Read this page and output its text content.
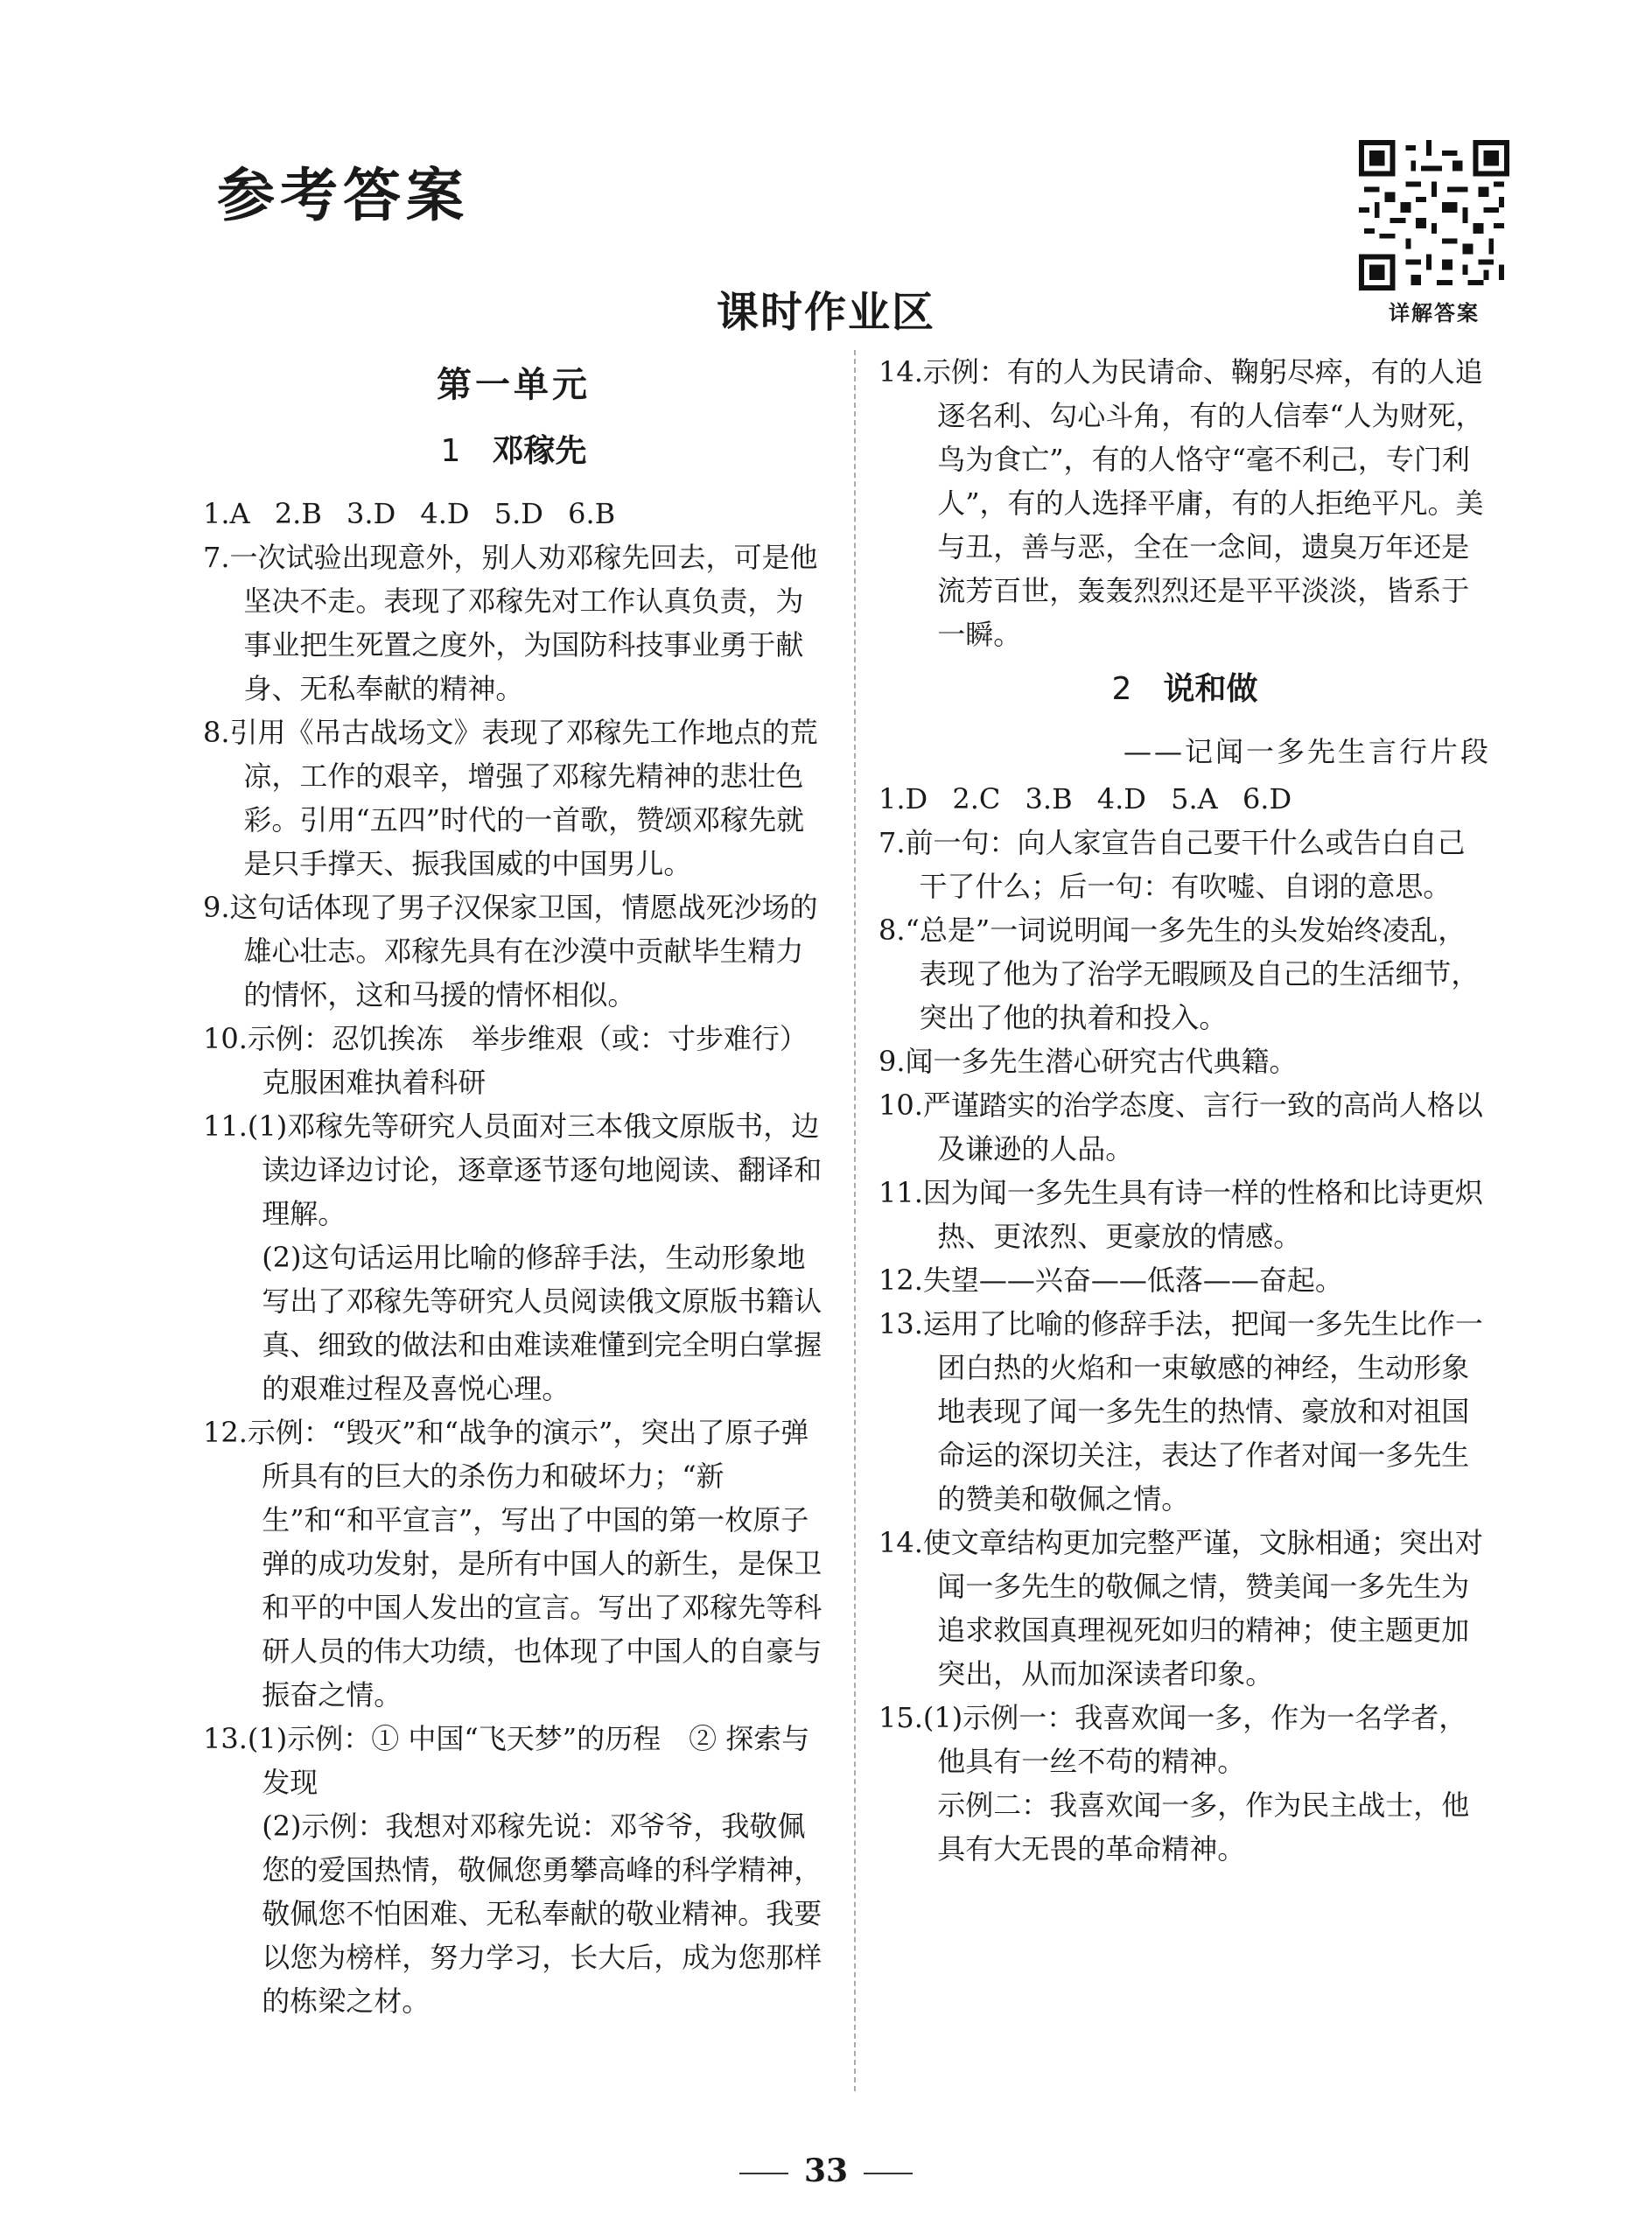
参考答案
详解答案
课时作业区
第一单元
1 邓稼先

1.A 2.B 3.D 4.D 5.D 6.B

7.一次试验出现意外，别人劝邓稼先回去，可是他坚决不走。表现了邓稼先对工作认真负责，为事业把生死置之度外，为国防科技事业勇于献身、无私奉献的精神。

8.引用《吊古战场文》表现了邓稼先工作地点的荒凉，工作的艰辛，增强了邓稼先精神的悲壮色彩。引用“五四”时代的一首歌，赞颂邓稼先就是只手撑天、振我国威的中国男儿。

9.这句话体现了男子汉保家卫国，情愿战死沙场的雄心壮志。邓稼先具有在沙漠中贡献毕生精力的情怀，这和马援的情怀相似。

10.示例：忍饥挨冻　举步维艰（或：寸步难行）克服困难执着科研

11.(1)邓稼先等研究人员面对三本俄文原版书，边读边译边讨论，逐章逐节逐句地阅读、翻译和理解。

(2)这句话运用比喻的修辞手法，生动形象地写出了邓稼先等研究人员阅读俄文原版书籍认真、细致的做法和由难读难懂到完全明白掌握的艰难过程及喜悦心理。

12.示例：“毁灭”和“战争的演示”，突出了原子弹所具有的巨大的杀伤力和破坏力；“新生”和“和平宣言”，写出了中国的第一枚原子弹的成功发射，是所有中国人的新生，是保卫和平的中国人发出的宣言。写出了邓稼先等科研人员的伟大功绩，也体现了中国人的自豪与振奋之情。

13.(1)示例：① 中国“飞天梦”的历程　② 探索与发现

(2)示例：我想对邓稼先说：邓爷爷，我敬佩您的爱国热情，敬佩您勇攀高峰的科学精神，敬佩您不怕困难、无私奉献的敬业精神。我要以您为榜样，努力学习，长大后，成为您那样的栋梁之材。

14.示例：有的人为民请命、鞠躬尽瘁，有的人追逐名利、勾心斗角，有的人信奉“人为财死，鸟为食亡”，有的人恪守“毫不利己，专门利人”，有的人选择平庸，有的人拒绝平凡。美与丑，善与恶，全在一念间，遗臭万年还是流芳百世，轰轰烈烈还是平平淡淡，皆系于一瞬。

2 说和做
——记闻一多先生言行片段

1.D 2.C 3.B 4.D 5.A 6.D

7.前一句：向人家宣告自己要干什么或告白自己干了什么；后一句：有吹嘘、自诩的意思。

8.“总是”一词说明闻一多先生的头发始终凌乱，表现了他为了治学无暇顾及自己的生活细节，突出了他的执着和投入。

9.闻一多先生潜心研究古代典籍。

10.严谨踏实的治学态度、言行一致的高尚人格以及谦逊的人品。

11.因为闻一多先生具有诗一样的性格和比诗更炽热、更浓烈、更豪放的情感。

12.失望——兴奋——低落——奋起。

13.运用了比喻的修辞手法，把闻一多先生比作一团白热的火焰和一束敏感的神经，生动形象地表现了闻一多先生的热情、豪放和对祖国命运的深切关注，表达了作者对闻一多先生的赞美和敬佩之情。

14.使文章结构更加完整严谨，文脉相通；突出对闻一多先生的敬佩之情，赞美闻一多先生为追求救国真理视死如归的精神；使主题更加突出，从而加深读者印象。

15.(1)示例一：我喜欢闻一多，作为一名学者，他具有一丝不苟的精神。

示例二：我喜欢闻一多，作为民主战士，他具有大无畏的革命精神。

33
